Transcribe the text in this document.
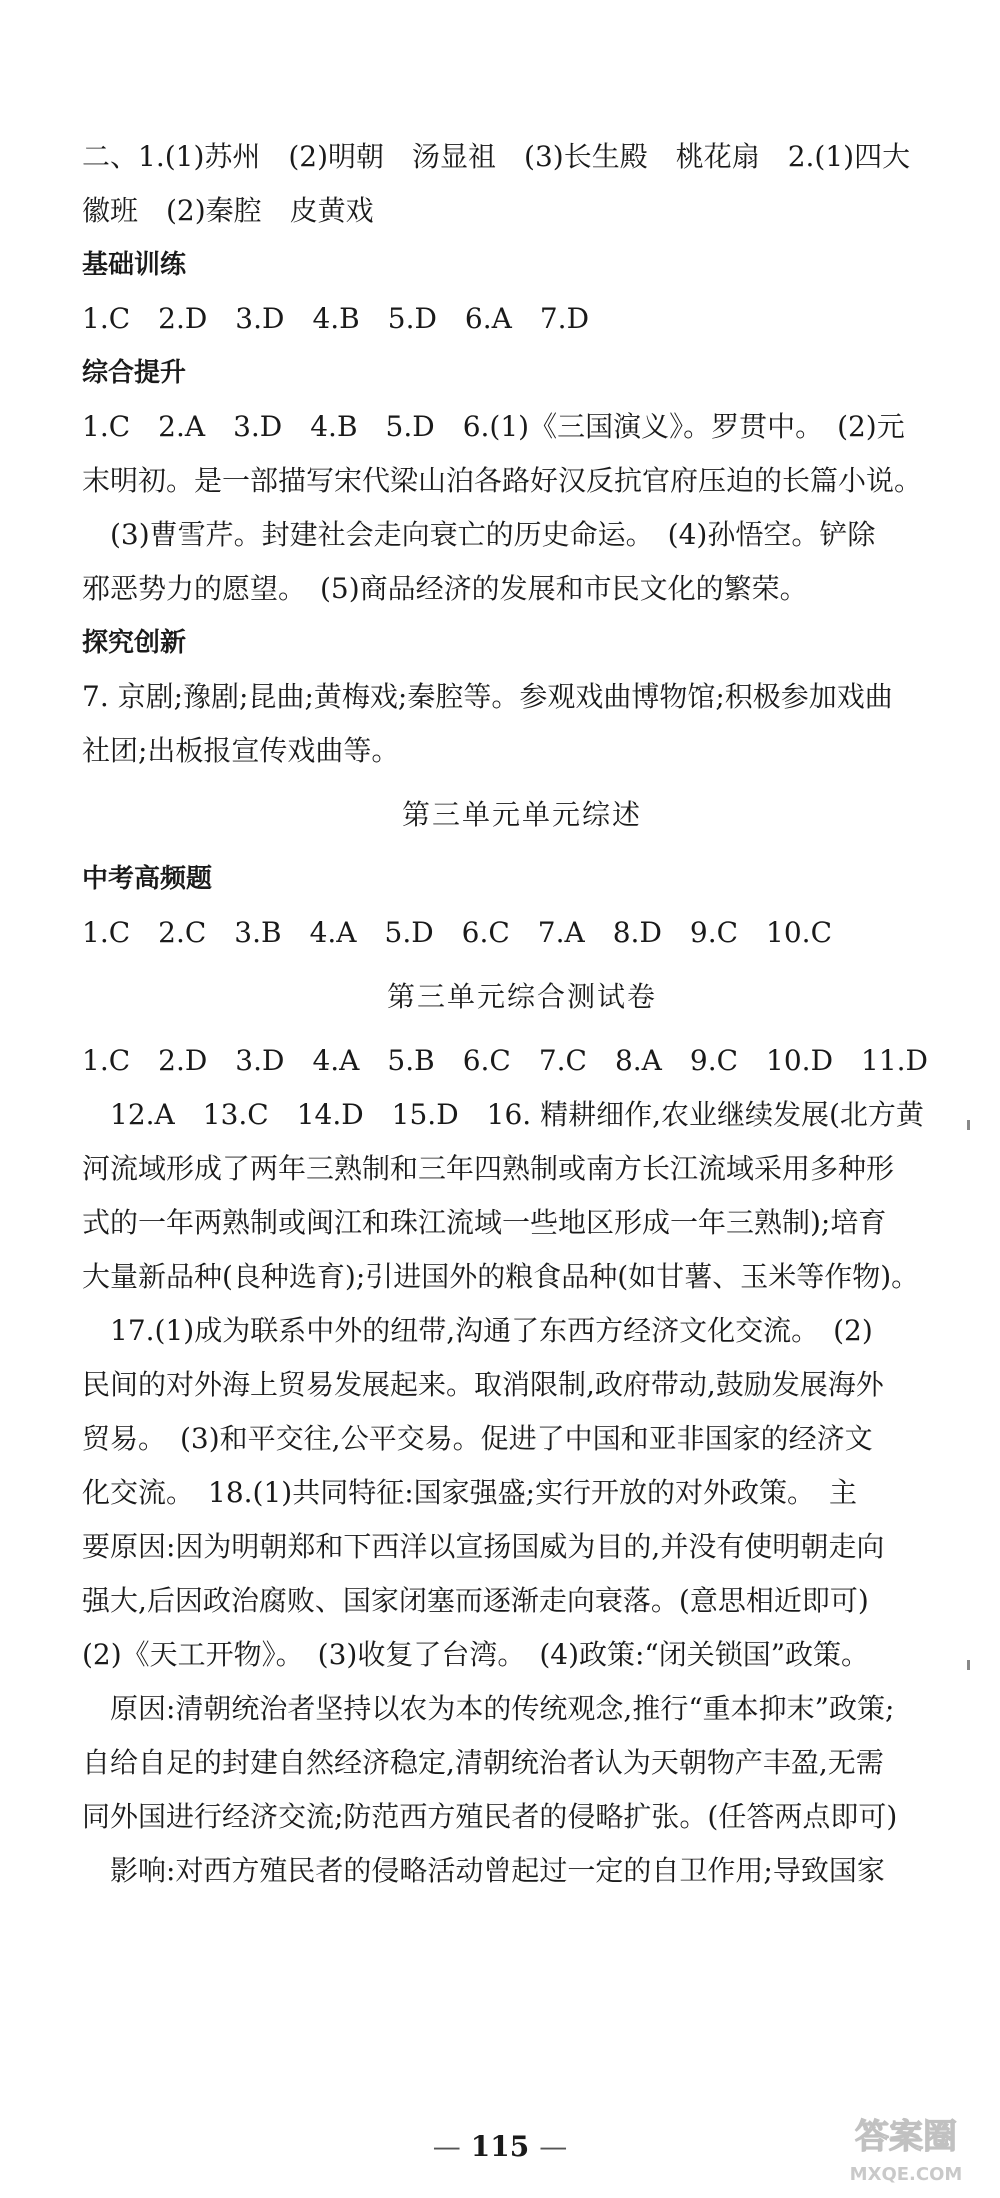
二、1.(1)苏州　(2)明朝　汤显祖　(3)长生殿　桃花扇　2.(1)四大

徽班　(2)秦腔　皮黄戏

基础训练

1.C　2.D　3.D　4.B　5.D　6.A　7.D

综合提升

1.C　2.A　3.D　4.B　5.D　6.(1)《三国演义》。罗贯中。　(2)元

末明初。是一部描写宋代梁山泊各路好汉反抗官府压迫的长篇小说。

(3)曹雪芹。封建社会走向衰亡的历史命运。　(4)孙悟空。铲除

邪恶势力的愿望。　(5)商品经济的发展和市民文化的繁荣。

探究创新

7. 京剧;豫剧;昆曲;黄梅戏;秦腔等。参观戏曲博物馆;积极参加戏曲

社团;出板报宣传戏曲等。

第三单元单元综述

中考高频题

1.C　2.C　3.B　4.A　5.D　6.C　7.A　8.D　9.C　10.C

第三单元综合测试卷

1.C　2.D　3.D　4.A　5.B　6.C　7.C　8.A　9.C　10.D　11.D

12.A　13.C　14.D　15.D　16. 精耕细作,农业继续发展(北方黄

河流域形成了两年三熟制和三年四熟制或南方长江流域采用多种形

式的一年两熟制或闽江和珠江流域一些地区形成一年三熟制);培育

大量新品种(良种选育);引进国外的粮食品种(如甘薯、玉米等作物)。

17.(1)成为联系中外的纽带,沟通了东西方经济文化交流。　(2)

民间的对外海上贸易发展起来。取消限制,政府带动,鼓励发展海外

贸易。　(3)和平交往,公平交易。促进了中国和亚非国家的经济文

化交流。　18.(1)共同特征:国家强盛;实行开放的对外政策。　主

要原因:因为明朝郑和下西洋以宣扬国威为目的,并没有使明朝走向

强大,后因政治腐败、国家闭塞而逐渐走向衰落。(意思相近即可)

(2)《天工开物》。　(3)收复了台湾。　(4)政策:“闭关锁国”政策。

原因:清朝统治者坚持以农为本的传统观念,推行“重本抑末”政策;

自给自足的封建自然经济稳定,清朝统治者认为天朝物产丰盈,无需

同外国进行经济交流;防范西方殖民者的侵略扩张。(任答两点即可)

影响:对西方殖民者的侵略活动曾起过一定的自卫作用;导致国家

— 115 —	答案圈
MXQE.COM
